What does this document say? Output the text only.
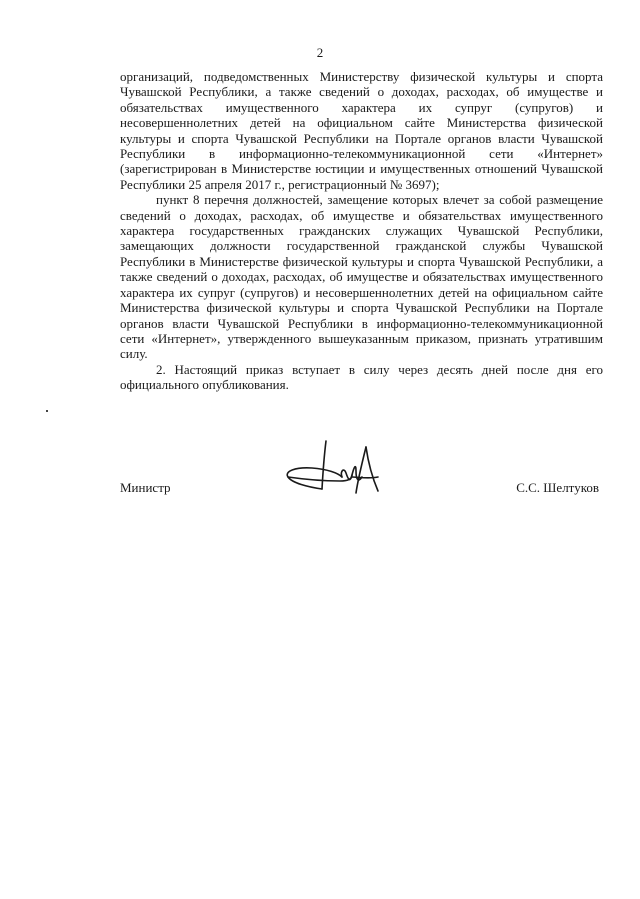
2

организаций, подведомственных Министерству физической культуры и спорта Чувашской Республики, а также сведений о доходах, расходах, об имуществе и обязательствах имущественного характера их супруг (супругов) и несовершеннолетних детей на официальном сайте Министерства физической культуры и спорта Чувашской Республики на Портале органов власти Чувашской Республики в информационно-телекоммуникационной сети «Интернет» (зарегистрирован в Министерстве юстиции и имущественных отношений Чувашской Республики 25 апреля 2017 г., регистрационный № 3697);

пункт 8 перечня должностей, замещение которых влечет за собой размещение сведений о доходах, расходах, об имуществе и обязательствах имущественного характера государственных гражданских служащих Чувашской Республики, замещающих должности государственной гражданской службы Чувашской Республики в Министерстве физической культуры и спорта Чувашской Республики, а также сведений о доходах, расходах, об имуществе и обязательствах имущественного характера их супруг (супругов) и несовершеннолетних детей на официальном сайте Министерства физической культуры и спорта Чувашской Республики на Портале органов власти Чувашской Республики в информационно-телекоммуникационной сети «Интернет», утвержденного вышеуказанным приказом, признать утратившим силу.

2. Настоящий приказ вступает в силу через десять дней после дня его официального опубликования.

Министр	С.С. Шелтуков
